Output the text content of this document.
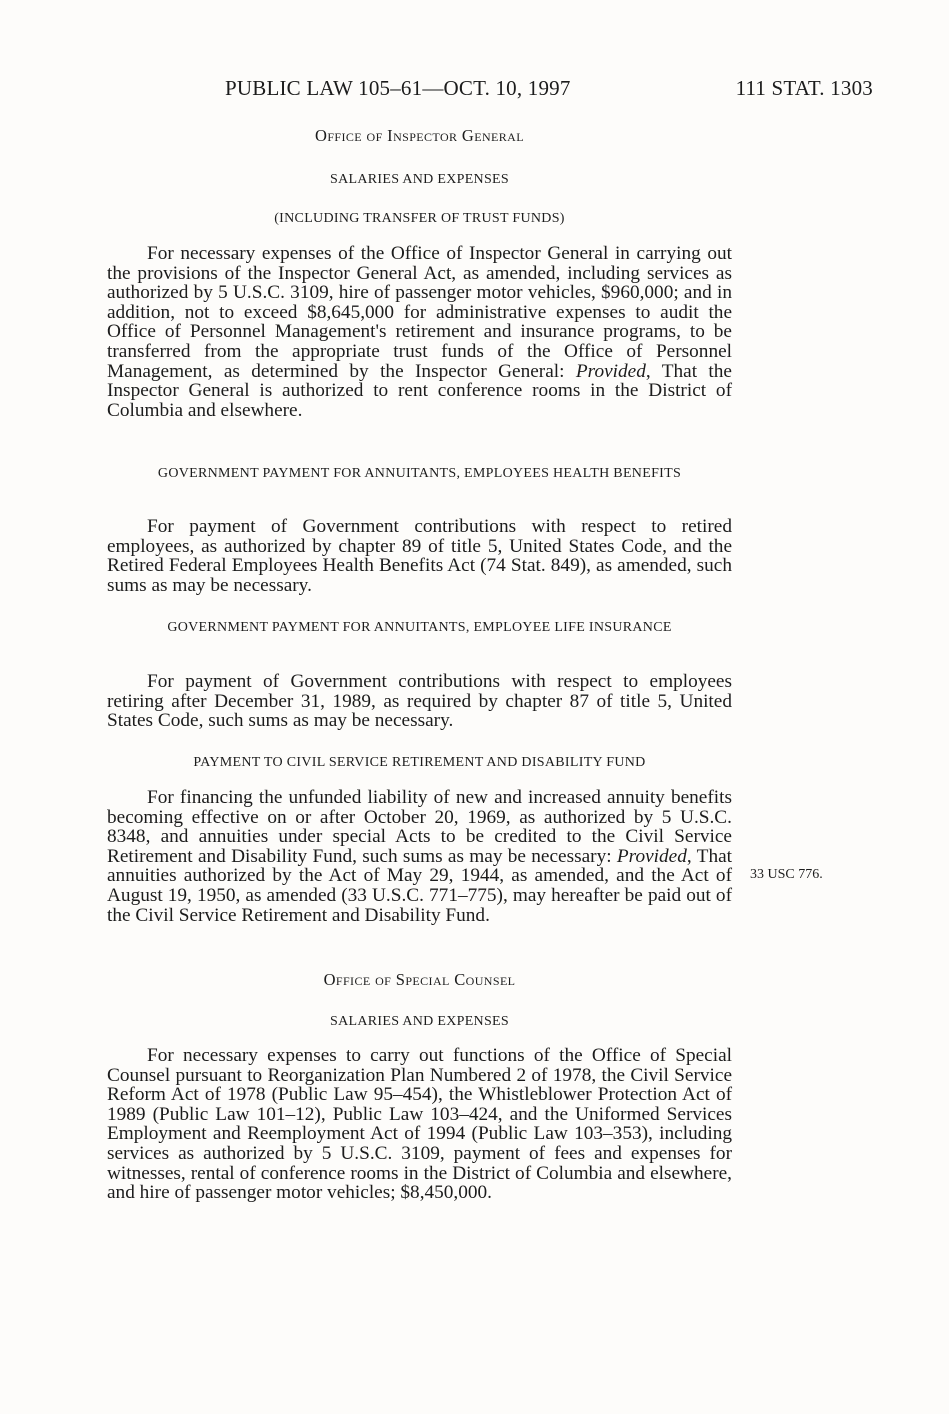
PUBLIC LAW 105–61—OCT. 10, 1997	111 STAT. 1303
Office of Inspector General
SALARIES AND EXPENSES
(INCLUDING TRANSFER OF TRUST FUNDS)

For necessary expenses of the Office of Inspector General in carrying out the provisions of the Inspector General Act, as amended, including services as authorized by 5 U.S.C. 3109, hire of passenger motor vehicles, $960,000; and in addition, not to exceed $8,645,000 for administrative expenses to audit the Office of Personnel Management's retirement and insurance programs, to be transferred from the appropriate trust funds of the Office of Personnel Management, as determined by the Inspector General: Provided, That the Inspector General is authorized to rent conference rooms in the District of Columbia and elsewhere.

GOVERNMENT PAYMENT FOR ANNUITANTS, EMPLOYEES HEALTH BENEFITS

For payment of Government contributions with respect to retired employees, as authorized by chapter 89 of title 5, United States Code, and the Retired Federal Employees Health Benefits Act (74 Stat. 849), as amended, such sums as may be necessary.

GOVERNMENT PAYMENT FOR ANNUITANTS, EMPLOYEE LIFE INSURANCE

For payment of Government contributions with respect to employees retiring after December 31, 1989, as required by chapter 87 of title 5, United States Code, such sums as may be necessary.

PAYMENT TO CIVIL SERVICE RETIREMENT AND DISABILITY FUND

For financing the unfunded liability of new and increased annuity benefits becoming effective on or after October 20, 1969, as authorized by 5 U.S.C. 8348, and annuities under special Acts to be credited to the Civil Service Retirement and Disability Fund, such sums as may be necessary: Provided, That annuities authorized by the Act of May 29, 1944, as amended, and the Act of August 19, 1950, as amended (33 U.S.C. 771–775), may hereafter be paid out of the Civil Service Retirement and Disability Fund.

33 USC 776.
Office of Special Counsel
SALARIES AND EXPENSES

For necessary expenses to carry out functions of the Office of Special Counsel pursuant to Reorganization Plan Numbered 2 of 1978, the Civil Service Reform Act of 1978 (Public Law 95–454), the Whistleblower Protection Act of 1989 (Public Law 101–12), Public Law 103–424, and the Uniformed Services Employment and Reemployment Act of 1994 (Public Law 103–353), including services as authorized by 5 U.S.C. 3109, payment of fees and expenses for witnesses, rental of conference rooms in the District of Columbia and elsewhere, and hire of passenger motor vehicles; $8,450,000.
